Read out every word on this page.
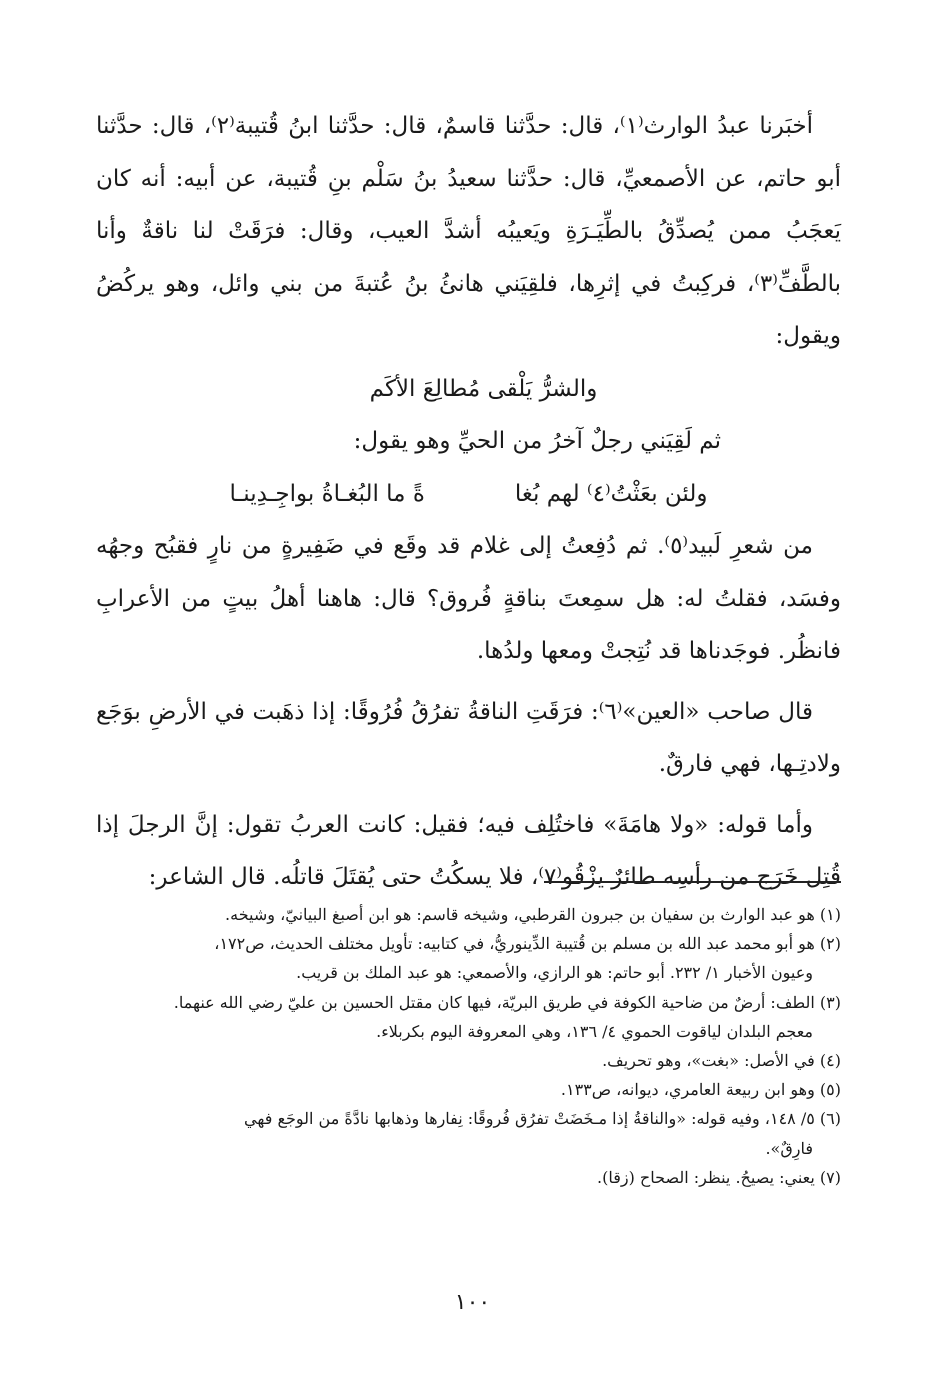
أخبَرنا عبدُ الوارث⁽١⁾، قال: حدَّثنا قاسمٌ، قال: حدَّثنا ابنُ قُتيبة⁽٢⁾، قال: حدَّثنا أبو حاتم، عن الأصمعيِّ، قال: حدَّثنا سعيدُ بنُ سَلْم بنِ قُتيبة، عن أبيه: أنه كان يَعجَبُ ممن يُصدِّقُ بالطِّيَـرَةِ ويَعيبُه أشدَّ العيب، وقال: فرَقَتْ لنا ناقةٌ وأنا بالطَّفِّ⁽٣⁾، فركِبتُ في إثرِها، فلقِيَني هانئُ بنُ عُتبةَ من بني وائل، وهو يركُضُ ويقول:

والشرُّ يَلْقى مُطالِعَ الأكَم

ثم لَقِيَني رجلٌ آخرُ من الحيِّ وهو يقول:

ولئن بعَثْتُ⁽٤⁾ لهم بُغا
ةً ما البُغـاةُ بواجِـدِينـا

من شعرِ لَبيد⁽٥⁾. ثم دُفِعتُ إلى غلام قد وقَع في ضَفِيرةٍ من نارٍ فقبُح وجهُه وفسَد، فقلتُ له: هل سمِعتَ بناقةٍ فُروق؟ قال: هاهنا أهلُ بيتٍ من الأعرابِ فانظُر. فوجَدناها قد نُتِجتْ ومعها ولدُها.

قال صاحب «العين»⁽٦⁾: فرَقَتِ الناقةُ تفرُقُ فُرُوقًا: إذا ذهَبت في الأرضِ بوَجَع ولادتِـها، فهي فارقٌ.

وأما قوله: «ولا هامَةَ» فاختُلِف فيه؛ فقيل: كانت العربُ تقول: إنَّ الرجلَ إذا قُتِل خَرَج من رأسِه طائرٌ يزْقُو⁽٧⁾، فلا يسكُتُ حتى يُقتَلَ قاتلُه. قال الشاعر:

(١) هو عبد الوارث بن سفيان بن جبرون القرطبي، وشيخه قاسم: هو ابن أصبغ البيانيّ، وشيخه.
(٢) هو أبو محمد عبد الله بن مسلم بن قُتيبة الدِّينوريُّ، في كتابيه: تأويل مختلف الحديث، ص١٧٢،
وعيون الأخبار ١/ ٢٣٢. أبو حاتم: هو الرازي، والأصمعي: هو عبد الملك بن قريب.
(٣) الطف: أرضٌ من ضاحية الكوفة في طريق البريّة، فيها كان مقتل الحسين بن عليّ رضي الله عنهما.
معجم البلدان لياقوت الحموي ٤/ ١٣٦، وهي المعروفة اليوم بكربلاء.
(٤) في الأصل: «بغت»، وهو تحريف.
(٥) وهو ابن ربيعة العامري، ديوانه، ص١٣٣.
(٦) ٥/ ١٤٨، وفيه قوله: «والناقةُ إذا مـخَضَتْ تفرُق فُروقًا: نِفارها وذهابها نادَّةً من الوجَع فهي
فارِقٌ».
(٧) يعني: يصيحُ. ينظر: الصحاح (زقا).
١٠٠
